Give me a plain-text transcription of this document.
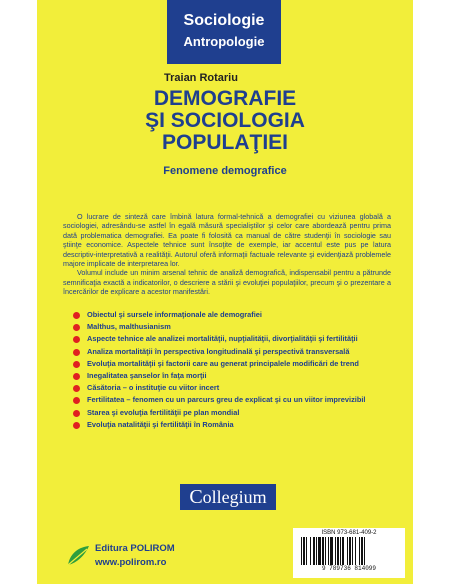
Sociologie
Antropologie
Traian Rotariu
DEMOGRAFIE
ŞI SOCIOLOGIA
POPULAŢIEI
Fenomene demografice

O lucrare de sinteză care îmbină latura formal-tehnică a demografiei cu viziunea globală a sociologiei, adresându-se astfel în egală măsură specialiştilor şi celor care abordează pentru prima dată problematica demografiei. Ea poate fi folosită ca manual de către studenţii în sociologie sau ştiinţe economice. Aspectele tehnice sunt însoţite de exemple, iar accentul este pus pe latura descriptiv-interpretativă a realităţii. Autorul oferă informaţii factuale relevante şi evidenţiază problemele majore implicate de interpretarea lor.

Volumul include un minim arsenal tehnic de analiză demografică, indispensabil pentru a pătrunde semnificaţia exactă a indicatorilor, o descriere a stării şi evoluţiei populaţiilor, precum şi o prezentare a încercărilor de explicare a acestor manifestări.

Obiectul şi sursele informaţionale ale demografiei
Malthus, malthusianism
Aspecte tehnice ale analizei mortalităţii, nupţialităţii, divorţialităţii şi fertilităţii
Analiza mortalităţii în perspectiva longitudinală şi perspectivă transversală
Evoluţia mortalităţii şi factorii care au generat principalele modificări de trend
Inegalitatea şanselor în faţa morţii
Căsătoria – o instituţie cu viitor incert
Fertilitatea – fenomen cu un parcurs greu de explicat şi cu un viitor imprevizibil
Starea şi evoluţia fertilităţii pe plan mondial
Evoluţia natalităţii şi fertilităţii în România
Collegium
Editura POLIROM
www.polirom.ro
ISBN 973-681-409-2
9 789736 814099
